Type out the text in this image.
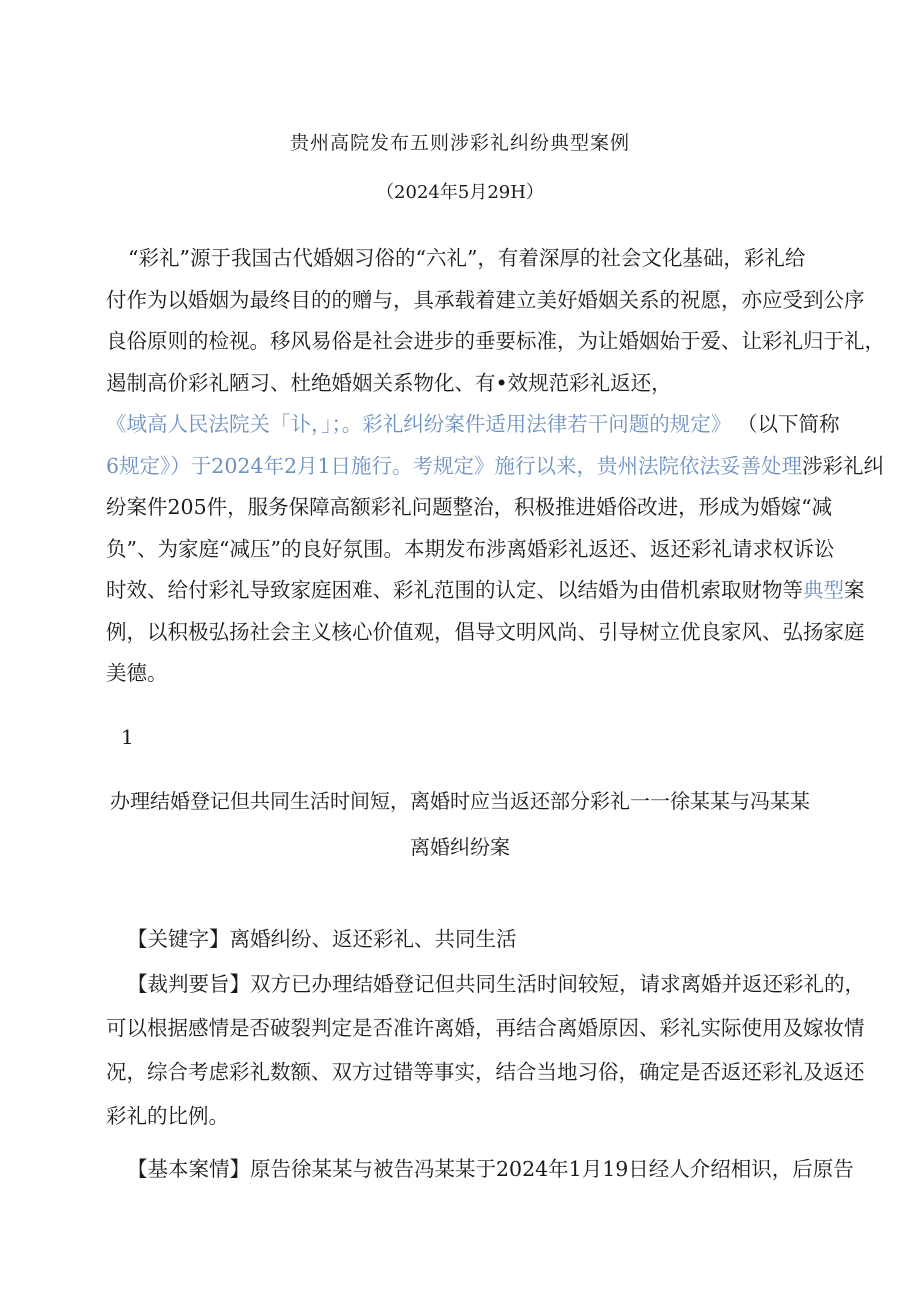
贵州高院发布五则涉彩礼纠纷典型案例
（2024年5月29H）
“彩礼”源于我国古代婚姻习俗的“六礼”，有着深厚的社会文化基础，彩礼给
付作为以婚姻为最终目的的赠与，具承载着建立美好婚姻关系的祝愿，亦应受到公序
良俗原则的检视。移风易俗是社会进步的垂要标准，为让婚姻始于爱、让彩礼归于礼，
遏制高价彩礼陋习、杜绝婚姻关系物化、有•效规范彩礼返还，
《域高人民法院关「讣，」；。彩礼纠纷案件适用法律若干问题的规定》 （以下简称
6规定》）于2024年2月1日施行。考规定》施行以来，贵州法院依法妥善处理涉彩礼纠
纷案件205件，服务保障高额彩礼问题整治，积极推进婚俗改进，形成为婚嫁“减
负”、为家庭“减压”的良好氛围。本期发布涉离婚彩礼返还、返还彩礼请求权诉讼
时效、给付彩礼导致家庭困难、彩礼范围的认定、以结婚为由借机索取财物等典型案
例，以积极弘扬社会主义核心价值观，倡导文明风尚、引导树立优良家风、弘扬家庭
美德。
1
办理结婚登记但共同生活时间短，离婚时应当返还部分彩礼一一徐某某与冯某某
离婚纠纷案
【关键字】离婚纠纷、返还彩礼、共同生活
【裁判要旨】双方已办理结婚登记但共同生活时间较短，请求离婚并返还彩礼的，
可以根据感情是否破裂判定是否准许离婚，再结合离婚原因、彩礼实际使用及嫁妆情
况，综合考虑彩礼数额、双方过错等事实，结合当地习俗，确定是否返还彩礼及返还
彩礼的比例。
【基本案情】原告徐某某与被告冯某某于2024年1月19日经人介绍相识，后原告
